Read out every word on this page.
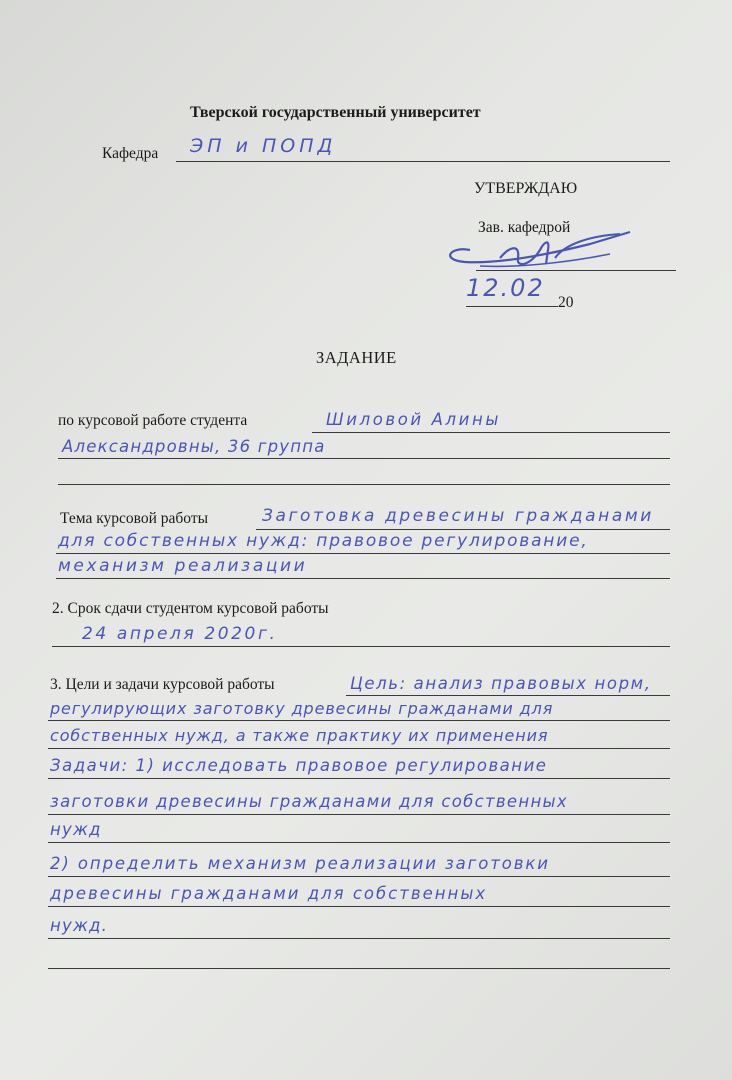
Тверской государственный университет
Кафедра ЭП и ПОПД
УТВЕРЖДАЮ
Зав. кафедрой
12.02
20
ЗАДАНИЕ
по курсовой работе студента	Шиловой Алины
Александровны, 36 группа
Тема курсовой работы	Заготовка древесины гражданами
для собственных нужд: правовое регулирование,
механизм реализации
2. Срок сдачи студентом курсовой работы
24 апреля 2020г.
3. Цели и задачи курсовой работы	Цель: анализ правовых норм,
регулирующих заготовку древесины гражданами для
собственных нужд, а также практику их применения
Задачи: 1) исследовать правовое регулирование
заготовки древесины гражданами для собственных
нужд
2) определить механизм реализации заготовки
древесины гражданами для собственных
нужд.
